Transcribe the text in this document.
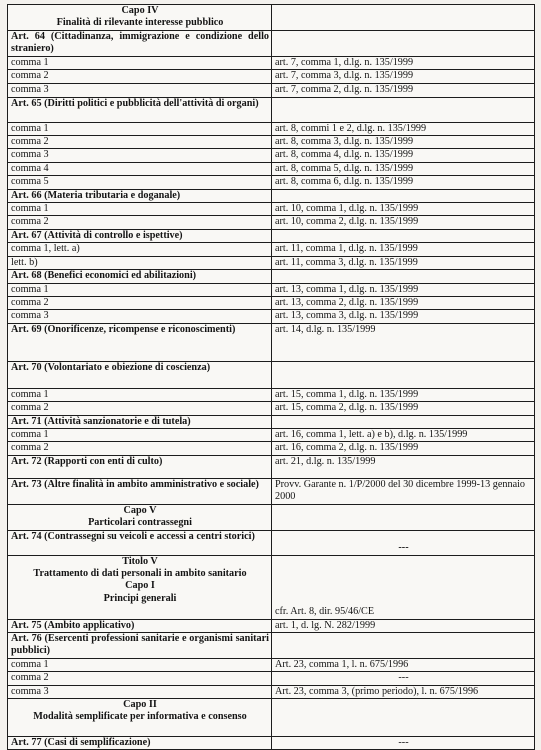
Capo IV
Finalità di rilevante interesse pubblico	

Art. 64 (Cittadinanza, immigrazione e condizione dello straniero)	
comma 1	art. 7, comma 1, d.lg. n. 135/1999
comma 2	art. 7, comma 3, d.lg. n. 135/1999
comma 3	art. 7, comma 2, d.lg. n. 135/1999
Art. 65 (Diritti politici e pubblicità dell'attività di organi)	
comma 1	art. 8, commi 1 e 2, d.lg. n. 135/1999
comma 2	art. 8, comma 3, d.lg. n. 135/1999
comma 3	art. 8, comma 4, d.lg. n. 135/1999
comma 4	art. 8, comma 5, d.lg. n. 135/1999
comma 5	art. 8, comma 6, d.lg. n. 135/1999
Art. 66 (Materia tributaria e doganale)	
comma 1	art. 10, comma 1, d.lg. n. 135/1999
comma 2	art. 10, comma 2, d.lg. n. 135/1999
Art. 67 (Attività di controllo e ispettive)	
comma 1, lett. a)	art. 11, comma 1, d.lg. n. 135/1999
lett. b)	art. 11, comma 3, d.lg. n. 135/1999
Art. 68 (Benefici economici ed abilitazioni)	
comma 1	art. 13, comma 1, d.lg. n. 135/1999
comma 2	art. 13, comma 2, d.lg. n. 135/1999
comma 3	art. 13, comma 3, d.lg. n. 135/1999
Art. 69 (Onorificenze, ricompense e riconoscimenti)	art. 14, d.lg. n. 135/1999
Art. 70 (Volontariato e obiezione di coscienza)	
comma 1	art. 15, comma 1, d.lg. n. 135/1999
comma 2	art. 15, comma 2, d.lg. n. 135/1999
Art. 71 (Attività sanzionatorie e di tutela)	
comma 1	art. 16, comma 1, lett. a) e b), d.lg. n. 135/1999
comma 2	art. 16, comma 2, d.lg. n. 135/1999
Art. 72 (Rapporti con enti di culto)	art. 21, d.lg. n. 135/1999
Art. 73 (Altre finalità in ambito amministrativo e sociale)	Provv. Garante n. 1/P/2000 del 30 dicembre 1999-13 gennaio 2000

Capo V
Particolari contrassegni	

Art. 74 (Contrassegni su veicoli e accessi a centri storici)	---

Titolo V
Trattamento di dati personali in ambito sanitario
Capo I
Principi generali	cfr. Art. 8, dir. 95/46/CE
Art. 75 (Ambito applicativo)	art. 1, d. lg. N. 282/1999
Art. 76 (Esercenti professioni sanitarie e organismi sanitari pubblici)	
comma 1	Art. 23, comma 1, l. n. 675/1996
comma 2	---
comma 3	Art. 23, comma 3, (primo periodo), l. n. 675/1996

Capo II
Modalità semplificate per informativa e consenso	

Art. 77 (Casi di semplificazione)	---
